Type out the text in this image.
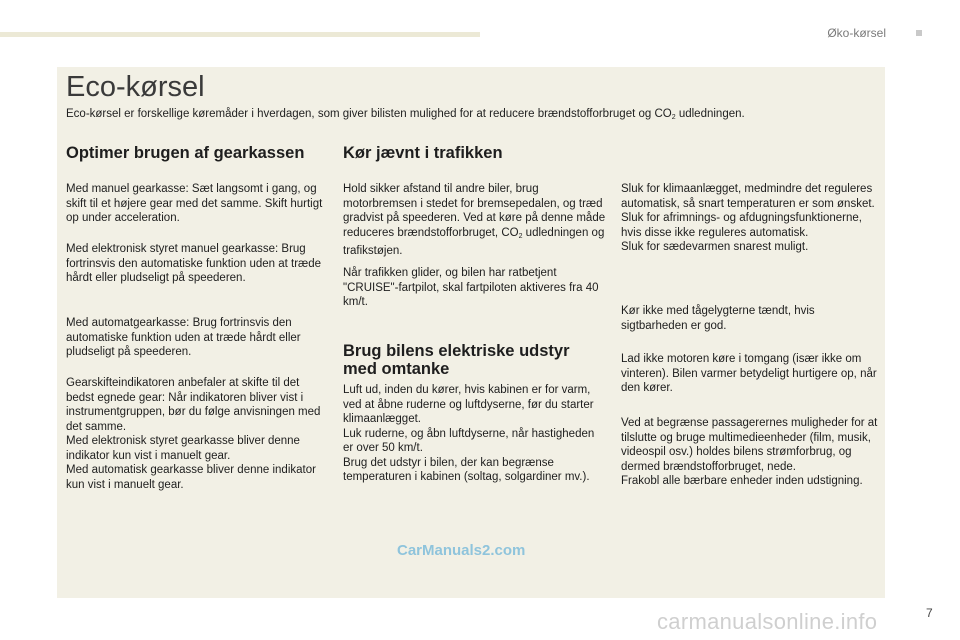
Øko-kørsel
Eco-kørsel
Eco-kørsel er forskellige køremåder i hverdagen, som giver bilisten mulighed for at reducere brændstofforbruget og $CO_2$ udledningen.
Optimer brugen af gearkassen

Med manuel gearkasse: Sæt langsomt i gang, og skift til et højere gear med det samme. Skift hurtigt op under acceleration.

Med elektronisk styret manuel gearkasse: Brug fortrinsvis den automatiske funktion uden at træde hårdt eller pludseligt på speederen.

Med automatgearkasse: Brug fortrinsvis den automatiske funktion uden at træde hårdt eller pludseligt på speederen.

Gearskifteindikatoren anbefaler at skifte til det bedst egnede gear: Når indikatoren bliver vist i instrumentgruppen, bør du følge anvisningen med det samme.

Med elektronisk styret gearkasse bliver denne indikator kun vist i manuelt gear.

Med automatisk gearkasse bliver denne indikator kun vist i manuelt gear.

Kør jævnt i trafikken

Hold sikker afstand til andre biler, brug motorbremsen i stedet for bremsepedalen, og træd gradvist på speederen. Ved at køre på denne måde reduceres brændstofforbruget, $CO_2$ udledningen og trafikstøjen.

Når trafikken glider, og bilen har ratbetjent "CRUISE"-fartpilot, skal fartpiloten aktiveres fra 40 km/t.

Brug bilens elektriske udstyr med omtanke

Luft ud, inden du kører, hvis kabinen er for varm, ved at åbne ruderne og luftdyserne, før du starter klimaanlægget.

Luk ruderne, og åbn luftdyserne, når hastigheden er over 50 km/t.

Brug det udstyr i bilen, der kan begrænse temperaturen i kabinen (soltag, solgardiner mv.).

Sluk for klimaanlægget, medmindre det reguleres automatisk, så snart temperaturen er som ønsket.

Sluk for afrimnings- og afdugningsfunktionerne, hvis disse ikke reguleres automatisk.

Sluk for sædevarmen snarest muligt.

Kør ikke med tågelygterne tændt, hvis sigtbarheden er god.

Lad ikke motoren køre i tomgang (især ikke om vinteren). Bilen varmer betydeligt hurtigere op, når den kører.

Ved at begrænse passagerernes muligheder for at tilslutte og bruge multimedieenheder (film, musik, videospil osv.) holdes bilens strømforbrug, og dermed brændstofforbruget, nede.

Frakobl alle bærbare enheder inden udstigning.

CarManuals2.com
carmanualsonline.info	7
